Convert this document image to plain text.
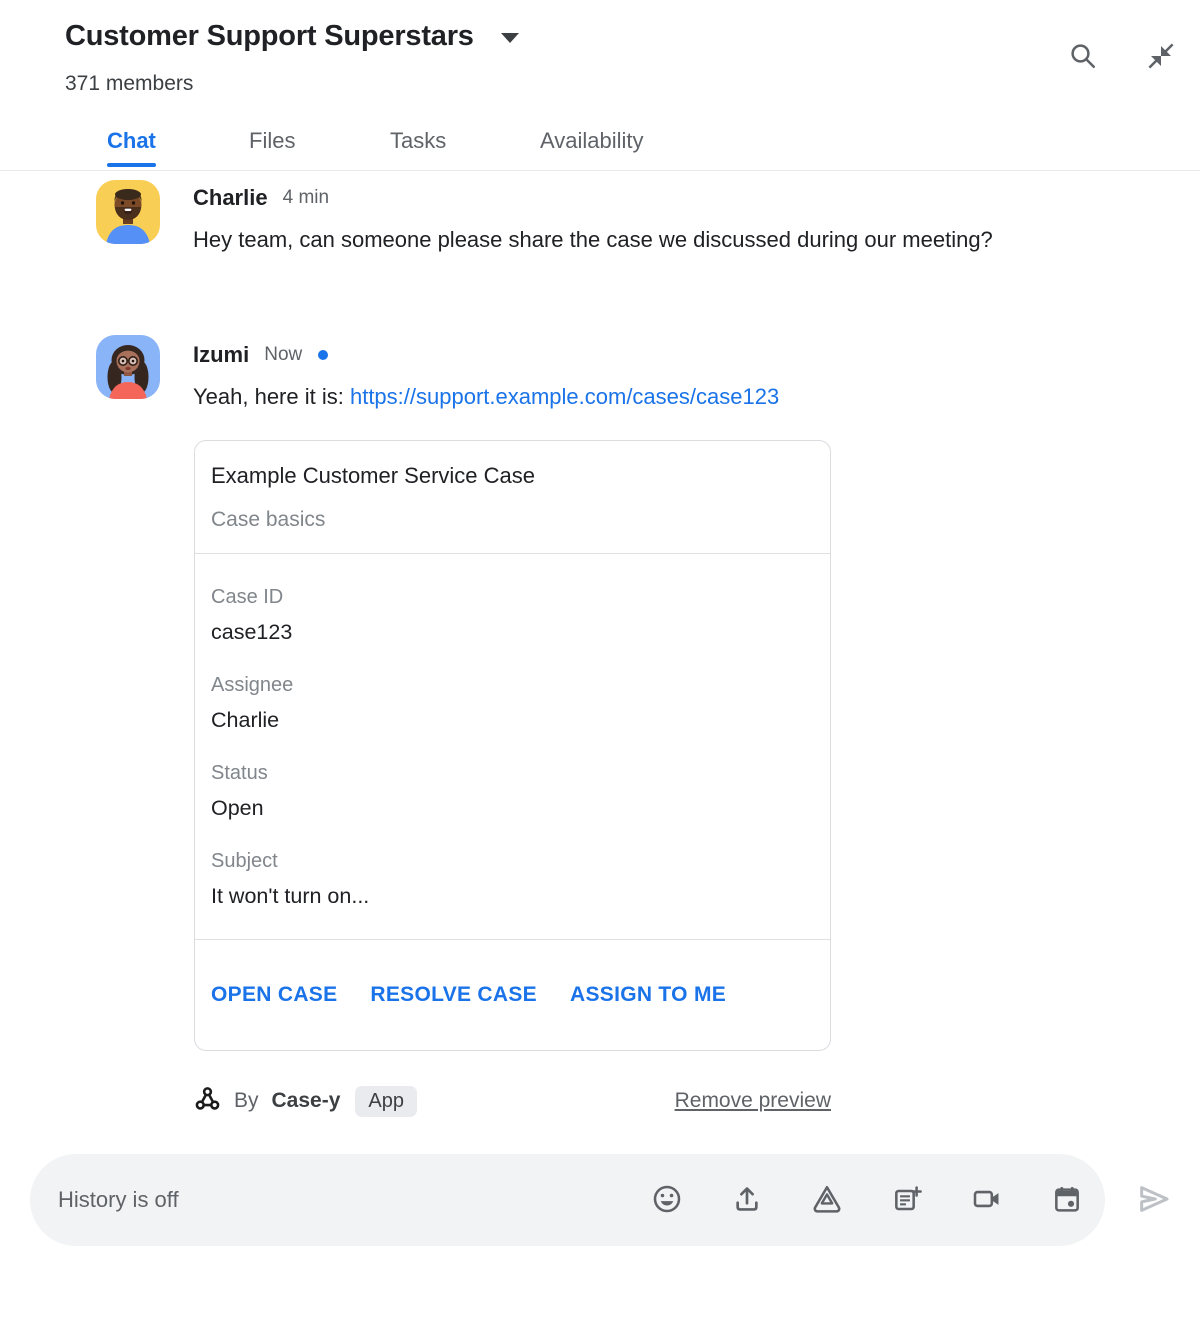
Customer Support Superstars
371 members
Chat	Files	Tasks	Availability
Charlie 4 min
Hey team, can someone please share the case we discussed during our meeting?
Izumi Now
Yeah, here it is: https://support.example.com/cases/case123
Example Customer Service Case
Case basics
Case ID
case123
Assignee
Charlie
Status
Open
Subject
It won't turn on...
OPEN CASE RESOLVE CASE ASSIGN TO ME
By Case-y	App	Remove preview
History is off
